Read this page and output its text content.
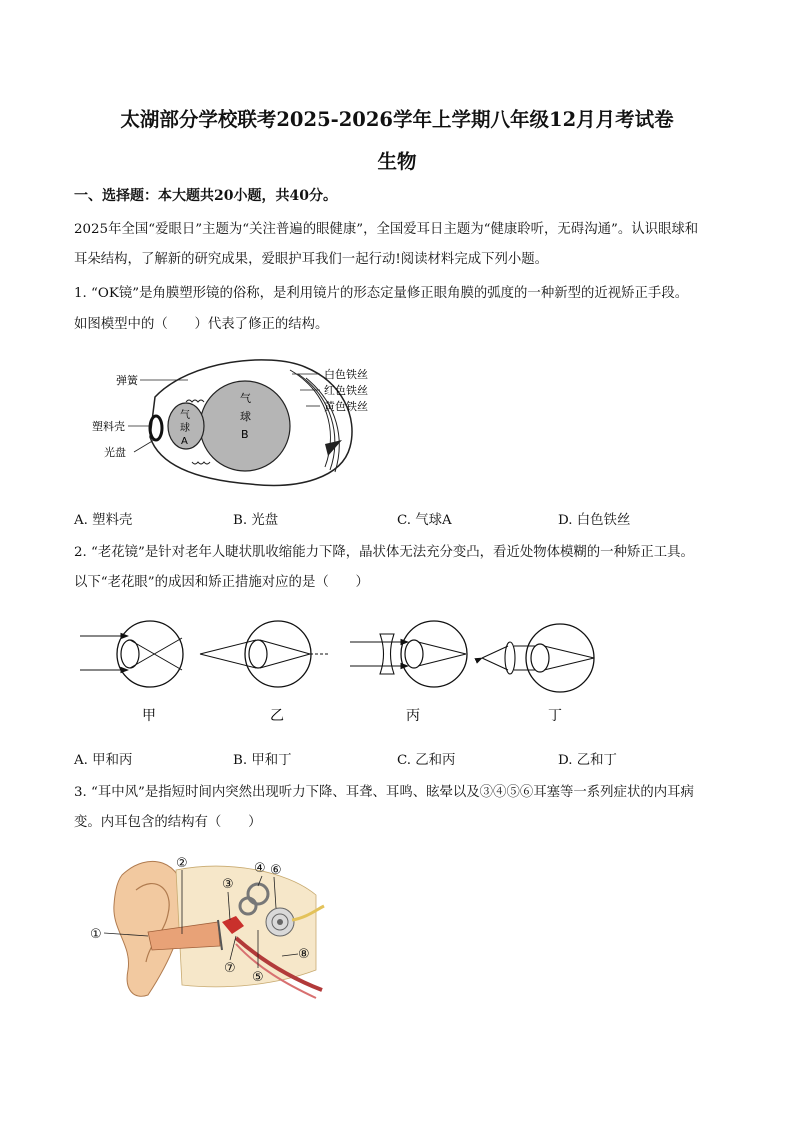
太湖部分学校联考2025-2026学年上学期八年级12月月考试卷
生物
一、选择题：本大题共20小题，共40分。
2025年全国“爱眼日”主题为“关注普遍的眼健康”，全国爱耳日主题为“健康聆听，无碍沟通”。认识眼球和
耳朵结构，了解新的研究成果，爱眼护耳我们一起行动!阅读材料完成下列小题。
1. “OK镜”是角膜塑形镜的俗称，是利用镜片的形态定量修正眼角膜的弧度的一种新型的近视矫正手段。
如图模型中的（　　）代表了修正的结构。
弹簧
塑料壳
光盘
白色铁丝
红色铁丝
黄色铁丝
气
球
A
气
球
B
A. 塑料壳	B. 光盘	C. 气球A	D. 白色铁丝
2. “老花镜”是针对老年人睫状肌收缩能力下降，晶状体无法充分变凸，看近处物体模糊的一种矫正工具。
以下“老花眼”的成因和矫正措施对应的是（　　）
甲	乙	丙	丁
A. 甲和丙	B. 甲和丁	C. 乙和丙	D. 乙和丁
3. “耳中风”是指短时间内突然出现听力下降、耳聋、耳鸣、眩晕以及③④⑤⑥耳塞等一系列症状的内耳病
变。内耳包含的结构有（　　）
①
②
③
④
⑤
⑥
⑦
⑧
